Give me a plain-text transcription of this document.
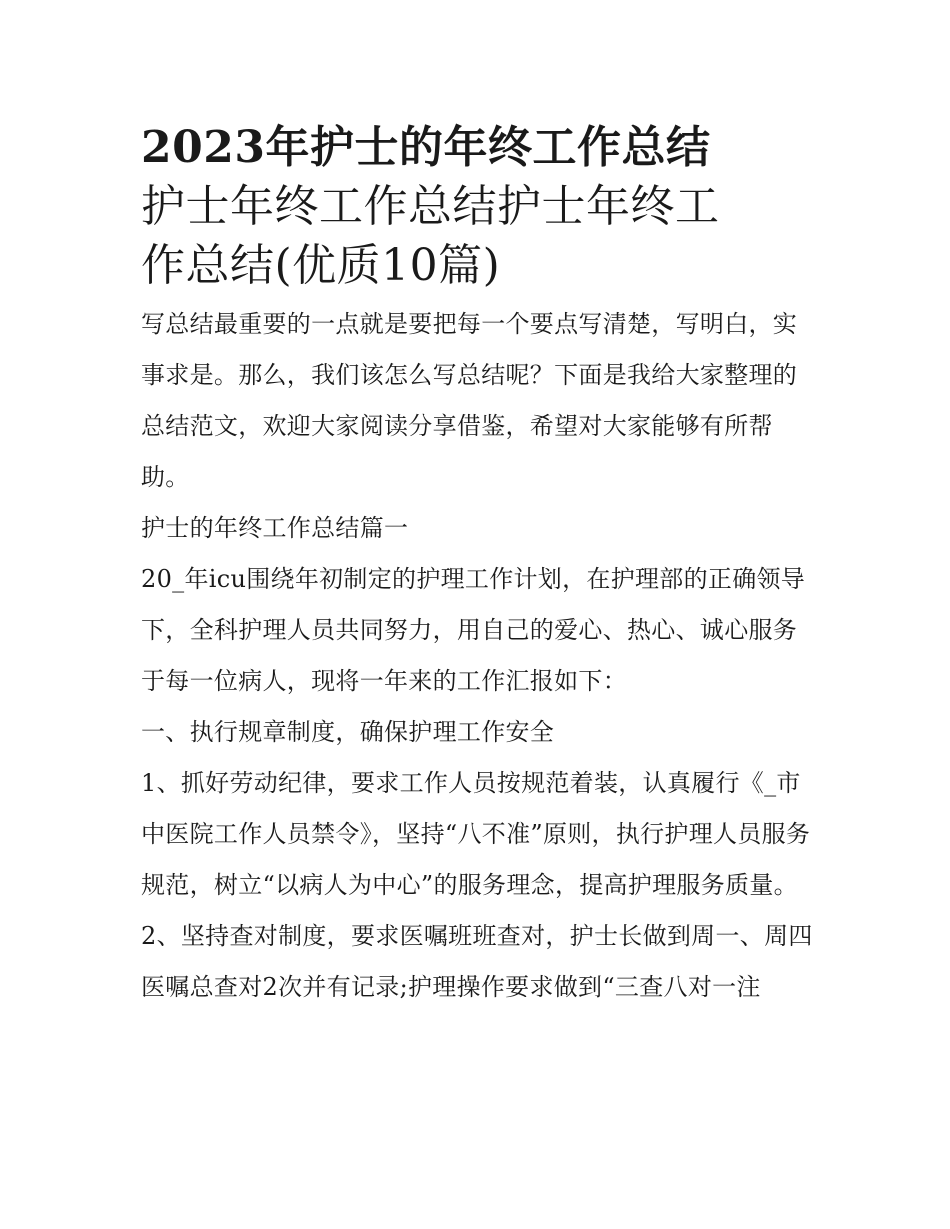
2023年护士的年终工作总结
护士年终工作总结护士年终工
作总结(优质10篇)

写总结最重要的一点就是要把每一个要点写清楚，写明白，实事求是。那么，我们该怎么写总结呢？下面是我给大家整理的总结范文，欢迎大家阅读分享借鉴，希望对大家能够有所帮助。

护士的年终工作总结篇一

20_年icu围绕年初制定的护理工作计划，在护理部的正确领导下，全科护理人员共同努力，用自己的爱心、热心、诚心服务于每一位病人，现将一年来的工作汇报如下：

一、执行规章制度，确保护理工作安全

1、抓好劳动纪律，要求工作人员按规范着装，认真履行《_市中医院工作人员禁令》，坚持“八不准”原则，执行护理人员服务规范，树立“以病人为中心”的服务理念，提高护理服务质量。

2、坚持查对制度，要求医嘱班班查对，护士长做到周一、周四医嘱总查对2次并有记录;护理操作要求做到“三查八对一注
